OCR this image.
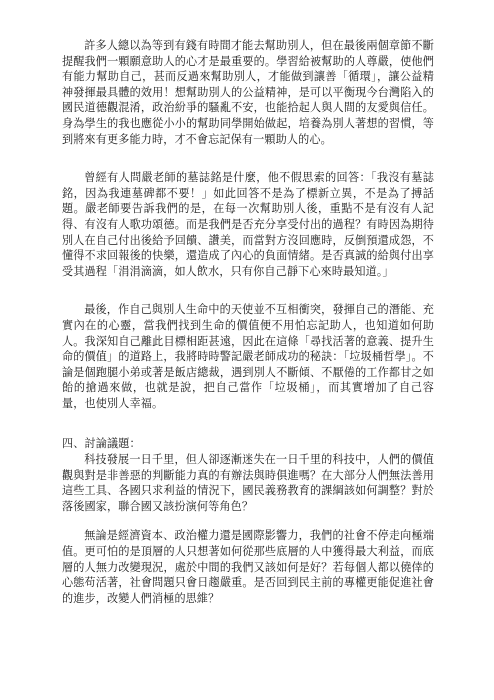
許多人總以為等到有錢有時間才能去幫助別人，但在最後兩個章節不斷提醒我們一顆願意助人的心才是最重要的。學習給被幫助的人尊嚴，使他們有能力幫助自己，甚而反過來幫助別人，才能做到讓善「循環」，讓公益精神發揮最具體的效用！想幫助別人的公益精神，是可以平衡現今台灣陷入的國民道德觀混淆，政治紛爭的騷亂不安，也能拾起人與人間的友愛與信任。身為學生的我也應從小小的幫助同學開始做起，培養為別人著想的習慣，等到將來有更多能力時，才不會忘記保有一顆助人的心。

曾經有人問嚴老師的墓誌銘是什麼，他不假思索的回答：「我沒有墓誌銘，因為我連墓碑都不要！」如此回答不是為了標新立異，不是為了搏話題。嚴老師要告訴我們的是，在每一次幫助別人後，重點不是有沒有人記得、有沒有人歌功頌德。而是我們是否充分享受付出的過程？有時因為期待別人在自己付出後給予回饋、讚美，而當對方沒回應時，反倒預還成怨，不懂得不求回報後的快樂，還造成了內心的負面情緒。是否真誠的給與付出享受其過程「涓涓滴滴，如人飲水，只有你自己靜下心來時最知道。」

最後，作自己與別人生命中的天使並不互相衝突，發揮自己的潛能、充實內在的心靈，當我們找到生命的價值便不用怕忘記助人，也知道如何助人。我深知自己離此目標相距甚遠，因此在這條「尋找活著的意義、提升生命的價值」的道路上，我將時時警記嚴老師成功的秘訣：「垃圾桶哲學」。不論是個跑腿小弟或著是飯店總裁，遇到別人不斷傾、不厭倦的工作都甘之如飴的搶過來做，也就是說，把自己當作「垃圾桶」，而其實增加了自己容量，也使別人幸福。

四、討論議題：

科技發展一日千里，但人卻逐漸迷失在一日千里的科技中，人們的價值觀與對是非善惡的判斷能力真的有辦法與時俱進嗎？在大部分人們無法善用這些工具、各國只求利益的情況下，國民義務教育的課綱該如何調整？對於落後國家，聯合國又該扮演何等角色？

無論是經濟資本、政治權力還是國際影響力，我們的社會不停走向極端值。更可怕的是頂層的人只想著如何從那些底層的人中獲得最大利益，而底層的人無力改變現況，處於中間的我們又該如何是好？若每個人都以僥倖的心態苟活著，社會問題只會日趨嚴重。是否回到民主前的專權更能促進社會的進步，改變人們消極的思維？
